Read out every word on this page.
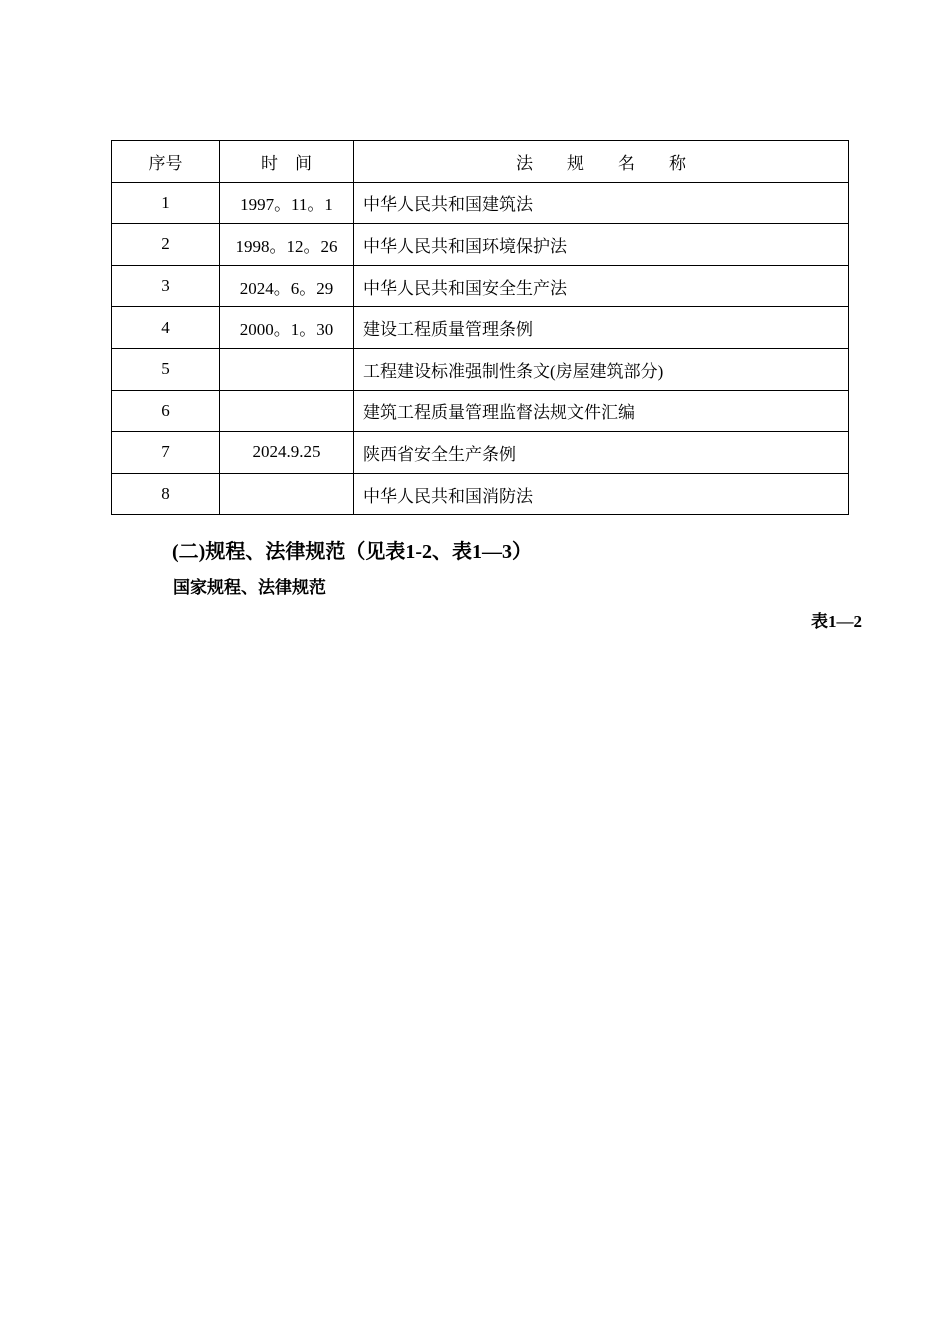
序号	时　间	法　　规　　名　　称
1	1997。11。1	中华人民共和国建筑法
2	1998。12。26	中华人民共和国环境保护法
3	2024。6。29	中华人民共和国安全生产法
4	2000。1。30	建设工程质量管理条例
5		工程建设标准强制性条文(房屋建筑部分)
6		建筑工程质量管理监督法规文件汇编
7	2024.9.25	陕西省安全生产条例
8		中华人民共和国消防法
(二)规程、法律规范（见表1-2、表1—3）
国家规程、法律规范
表1—2
